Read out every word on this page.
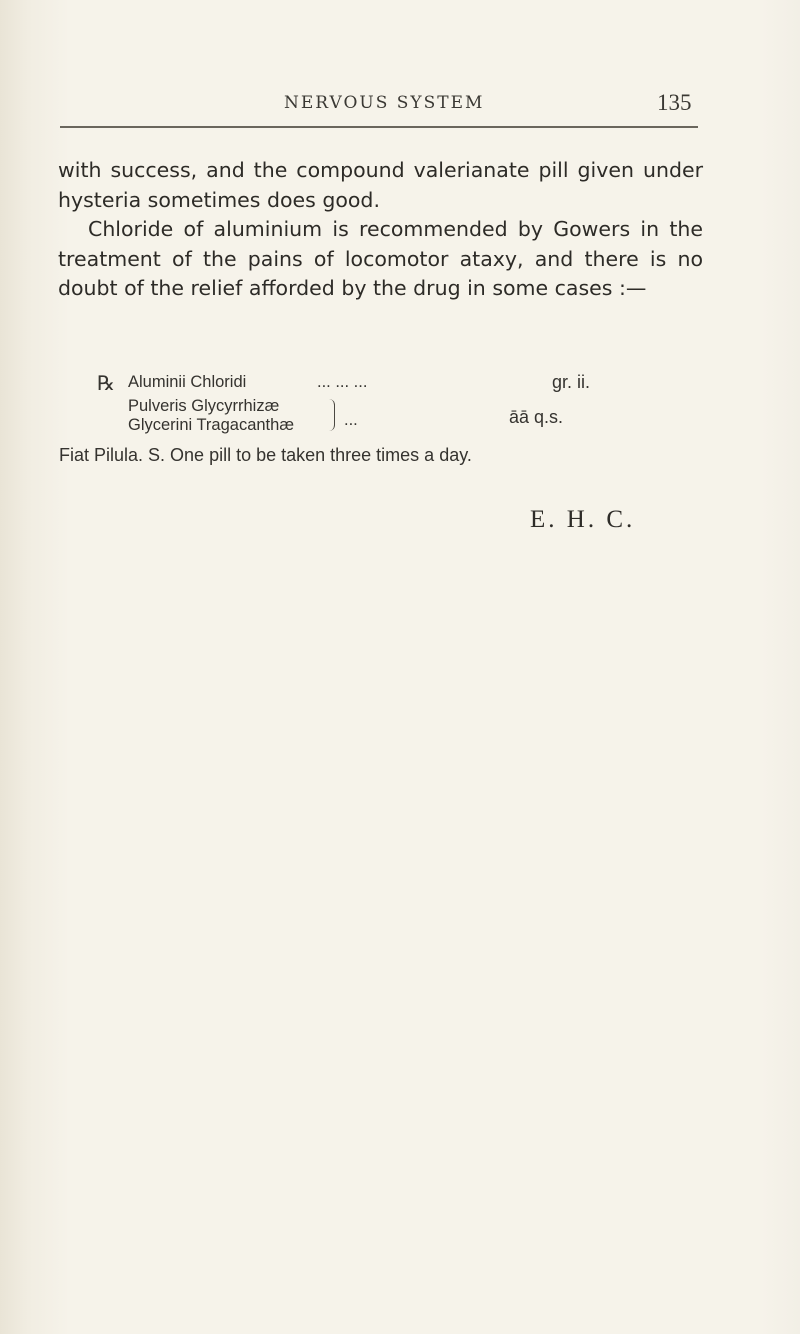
NERVOUS SYSTEM	135

with success, and the compound valerianate pill given under hysteria sometimes does good.

Chloride of aluminium is recommended by Gowers in the treatment of the pains of locomotor ataxy, and there is no doubt of the relief afforded by the drug in some cases :—

℞ Aluminii Chloridi	... ... ...	gr. ii.
Pulveris Glycyrrhizæ
Glycerini Tragacanthæ	...	āā q.s.
Fiat Pilula. S. One pill to be taken three times a day.
E. H. C.
